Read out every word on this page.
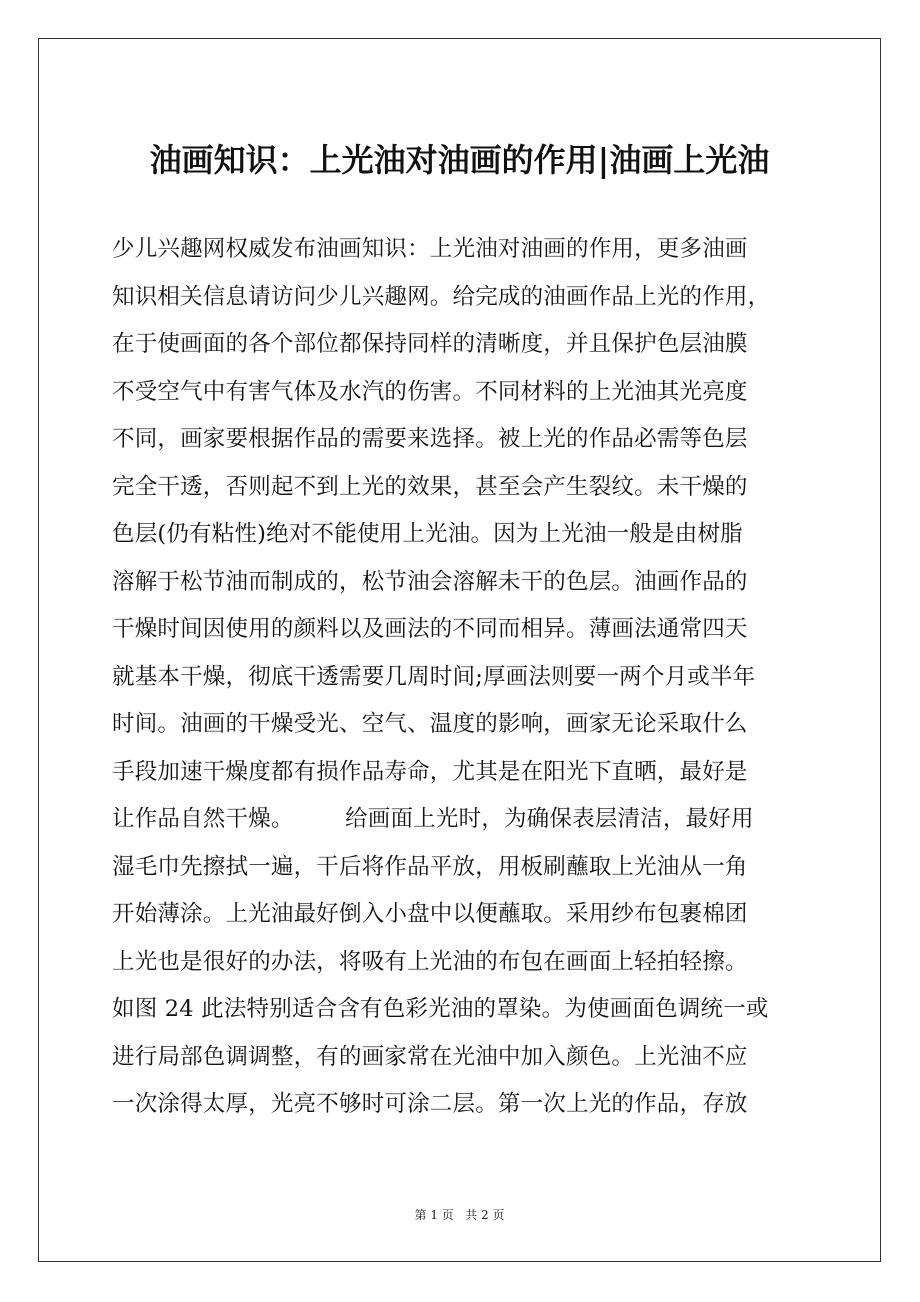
油画知识：上光油对油画的作用|油画上光油
少儿兴趣网权威发布油画知识：上光油对油画的作用，更多油画
知识相关信息请访问少儿兴趣网。给完成的油画作品上光的作用，
在于使画面的各个部位都保持同样的清晰度，并且保护色层油膜
不受空气中有害气体及水汽的伤害。不同材料的上光油其光亮度
不同，画家要根据作品的需要来选择。被上光的作品必需等色层
完全干透，否则起不到上光的效果，甚至会产生裂纹。未干燥的
色层(仍有粘性)绝对不能使用上光油。因为上光油一般是由树脂
溶解于松节油而制成的，松节油会溶解未干的色层。油画作品的
干燥时间因使用的颜料以及画法的不同而相异。薄画法通常四天
就基本干燥，彻底干透需要几周时间;厚画法则要一两个月或半年
时间。油画的干燥受光、空气、温度的影响，画家无论采取什么
手段加速干燥度都有损作品寿命，尤其是在阳光下直晒，最好是
让作品自然干燥。       给画面上光时，为确保表层清洁，最好用
湿毛巾先擦拭一遍，干后将作品平放，用板刷蘸取上光油从一角
开始薄涂。上光油最好倒入小盘中以便蘸取。采用纱布包裹棉团
上光也是很好的办法，将吸有上光油的布包在画面上轻拍轻擦。
如图 24 此法特别适合含有色彩光油的罩染。为使画面色调统一或
进行局部色调调整，有的画家常在光油中加入颜色。上光油不应
一次涂得太厚，光亮不够时可涂二层。第一次上光的作品，存放
第 1 页   共 2 页
